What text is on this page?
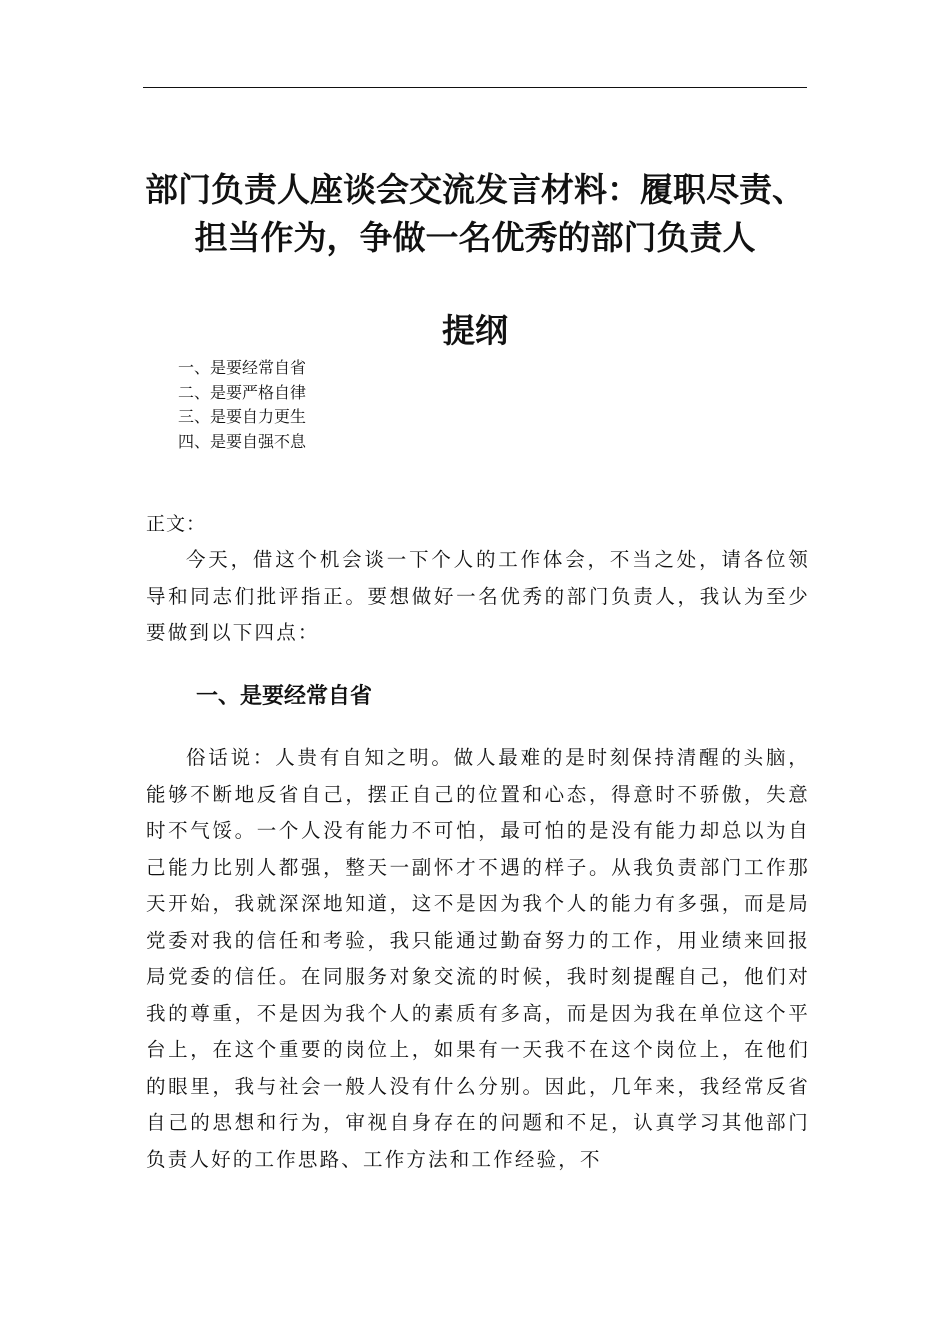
部门负责人座谈会交流发言材料：履职尽责、担当作为，争做一名优秀的部门负责人
提纲
一、是要经常自省
二、是要严格自律
三、是要自力更生
四、是要自强不息
正文：

今天，借这个机会谈一下个人的工作体会，不当之处，请各位领导和同志们批评指正。要想做好一名优秀的部门负责人，我认为至少要做到以下四点：

一、是要经常自省

俗话说：人贵有自知之明。做人最难的是时刻保持清醒的头脑，能够不断地反省自己，摆正自己的位置和心态，得意时不骄傲，失意时不气馁。一个人没有能力不可怕，最可怕的是没有能力却总以为自己能力比别人都强，整天一副怀才不遇的样子。从我负责部门工作那天开始，我就深深地知道，这不是因为我个人的能力有多强，而是局党委对我的信任和考验，我只能通过勤奋努力的工作，用业绩来回报局党委的信任。在同服务对象交流的时候，我时刻提醒自己，他们对我的尊重，不是因为我个人的素质有多高，而是因为我在单位这个平台上，在这个重要的岗位上，如果有一天我不在这个岗位上，在他们的眼里，我与社会一般人没有什么分别。因此，几年来，我经常反省自己的思想和行为，审视自身存在的问题和不足，认真学习其他部门负责人好的工作思路、工作方法和工作经验，不
